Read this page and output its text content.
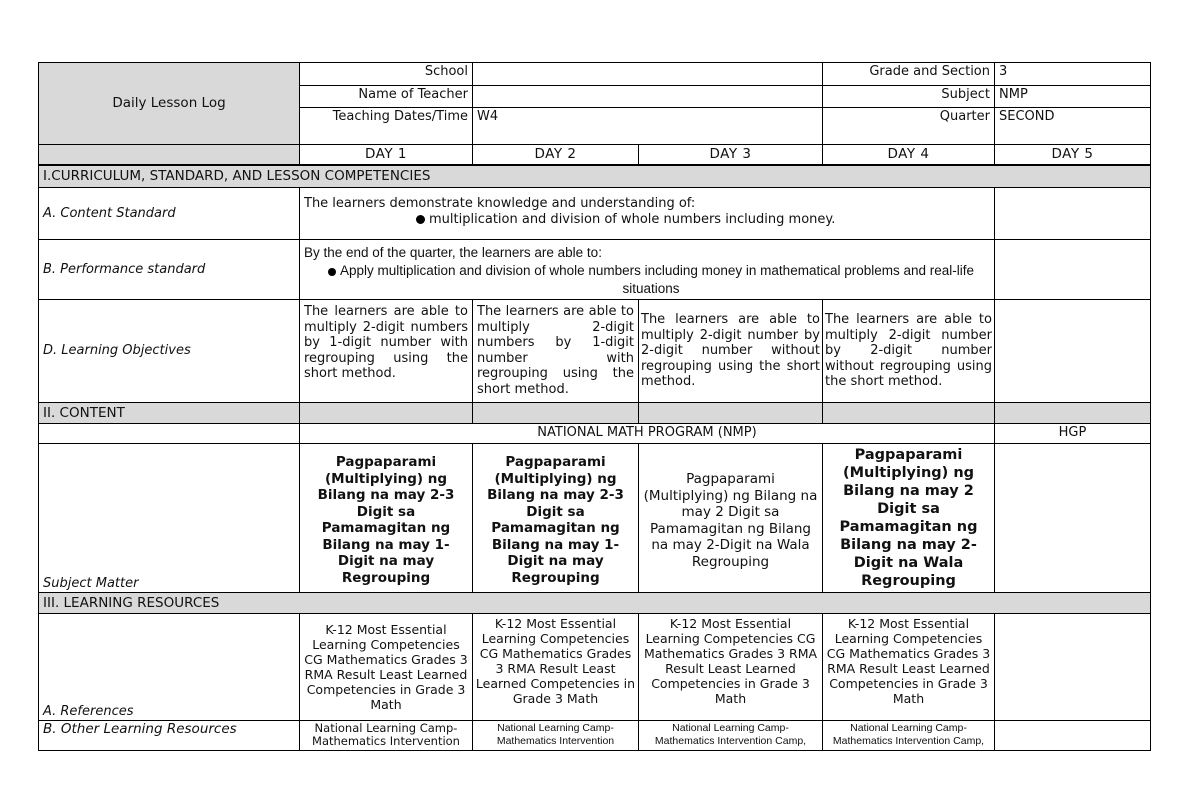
Daily Lesson Log	School			Grade and Section	3
	Name of Teacher			Subject	NMP
	Teaching Dates/Time	W4		Quarter	SECOND
	DAY 1	DAY 2	DAY 3	DAY 4	DAY 5
I.CURRICULUM, STANDARD, AND LESSON COMPETENCIES					
A. Content Standard	The learners demonstrate knowledge and understanding of:
multiplication and division of whole numbers including money.				

B. Performance standard	By the end of the quarter, the learners are able to:
Apply multiplication and division of whole numbers including money in mathematical problems and real-life situations				

D. Learning Objectives	The learners are able to multiply 2-digit numbers by 1-digit number with regrouping using the short method.	The learners are able to multiply 2-digit numbers by 1-digit number with regrouping using the short method.	The learners are able to multiply 2-digit number by 2-digit number without regrouping using the short method.	The learners are able to multiply 2-digit number by 2-digit number without regrouping using the short method.	
II. CONTENT					
	NATIONAL MATH PROGRAM (NMP)				HGP
Subject Matter	Pagpaparami (Multiplying) ng Bilang na may 2-3 Digit sa Pamamagitan ng Bilang na may 1-Digit na may Regrouping	Pagpaparami (Multiplying) ng Bilang na may 2-3 Digit sa Pamamagitan ng Bilang na may 1-Digit na may Regrouping	Pagpaparami (Multiplying) ng Bilang na may 2 Digit sa Pamamagitan ng Bilang na may 2-Digit na Wala Regrouping	Pagpaparami (Multiplying) ng Bilang na may 2 Digit sa Pamamagitan ng Bilang na may 2-Digit na Wala Regrouping	
III. LEARNING RESOURCES					
A. References	K-12 Most Essential Learning Competencies CG Mathematics Grades 3 RMA Result Least Learned Competencies in Grade 3 Math	K-12 Most Essential Learning Competencies CG Mathematics Grades 3 RMA Result Least Learned Competencies in Grade 3 Math	K-12 Most Essential Learning Competencies CG Mathematics Grades 3 RMA Result Least Learned Competencies in Grade 3 Math	K-12 Most Essential Learning Competencies CG Mathematics Grades 3 RMA Result Least Learned Competencies in Grade 3 Math	
B. Other Learning Resources	National Learning Camp-Mathematics Intervention	National Learning Camp-Mathematics Intervention	National Learning Camp-Mathematics Intervention Camp,	National Learning Camp-Mathematics Intervention Camp,	
